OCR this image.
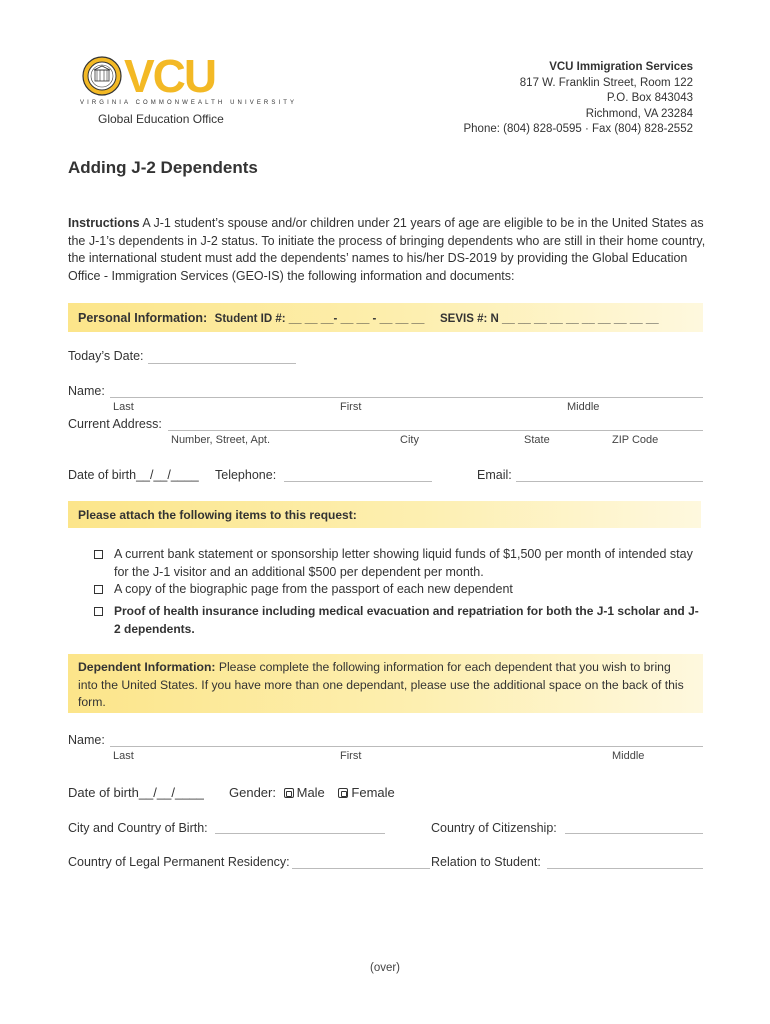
VCU
VIRGINIA COMMONWEALTH UNIVERSITY
Global Education Office
VCU Immigration Services
817 W. Franklin Street, Room 122
P.O. Box 843043
Richmond, VA 23284
Phone: (804) 828-0595 · Fax (804) 828-2552
Adding J-2 Dependents
Instructions A J-1 student’s spouse and/or children under 21 years of age are eligible to be in the United States as the J-1’s dependents in J-2 status. To initiate the process of bringing dependents who are still in their home country, the international student must add the dependents’ names to his/her DS-2019 by providing the Global Education Office - Immigration Services (GEO-IS) the following information and documents:
Personal Information: Student ID #: __ __ __- __ __ - __ __ __ SEVIS #: N __ __ __ __ __ __ __ __ __ __
Today’s Date:
Name:
Last	First	Middle
Current Address:
Number, Street, Apt.	City	State	ZIP Code
Date of birth__/__/____ Telephone:	Email:
Please attach the following items to this request:
A current bank statement or sponsorship letter showing liquid funds of $1,500 per month of intended stay for the J-1 visitor and an additional $500 per dependent per month.
A copy of the biographic page from the passport of each new dependent
Proof of health insurance including medical evacuation and repatriation for both the J-1 scholar and J-2 dependents.
Dependent Information: Please complete the following information for each dependent that you wish to bring into the United States. If you have more than one dependant, please use the additional space on the back of this form.
Name:
Last	First	Middle
Date of birth__/__/____ Gender: Male Female
City and Country of Birth:	Country of Citizenship:
Country of Legal Permanent Residency:	Relation to Student:
(over)
